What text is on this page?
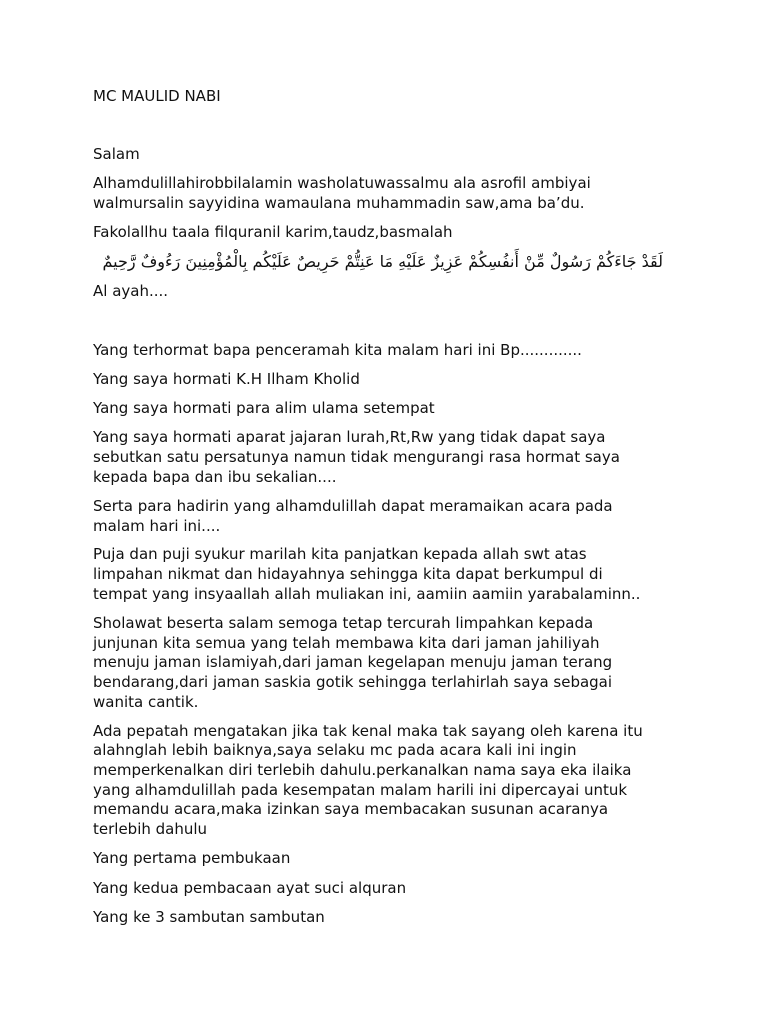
MC MAULID NABI

Salam

Alhamdulillahirobbilalamin washolatuwassalmu ala asrofil ambiyai

walmursalin sayyidina wamaulana muhammadin saw,ama ba’du.

Fakolallhu taala filquranil karim,taudz,basmalah

لَقَدْ جَاءَكُمْ رَسُولٌ مِّنْ أَنفُسِكُمْ عَزِيزٌ عَلَيْهِ مَا عَنِتُّمْ حَرِيصٌ عَلَيْكُم بِالْمُؤْمِنِينَ رَءُوفٌ رَّحِيمٌ

Al ayah....

Yang terhormat bapa penceramah kita malam hari ini Bp.............

Yang saya hormati K.H Ilham Kholid

Yang saya hormati para alim ulama setempat

Yang saya hormati aparat jajaran lurah,Rt,Rw yang tidak dapat saya

sebutkan satu persatunya namun tidak mengurangi rasa hormat saya

kepada bapa dan ibu sekalian....

Serta para hadirin yang alhamdulillah dapat meramaikan acara pada

malam hari ini....

Puja dan puji syukur marilah kita panjatkan kepada allah swt atas

limpahan nikmat dan hidayahnya sehingga kita dapat berkumpul di

tempat yang insyaallah allah muliakan ini, aamiin aamiin yarabalaminn..

Sholawat beserta salam semoga tetap tercurah limpahkan kepada

junjunan kita semua yang telah membawa kita dari jaman jahiliyah

menuju jaman islamiyah,dari jaman kegelapan menuju jaman terang

bendarang,dari jaman saskia gotik sehingga terlahirlah saya sebagai

wanita cantik.

Ada pepatah mengatakan jika tak kenal maka tak sayang oleh karena itu

alahnglah lebih baiknya,saya selaku mc pada acara kali ini ingin

memperkenalkan diri terlebih dahulu.perkanalkan nama saya eka ilaika

yang alhamdulillah pada kesempatan malam harili ini dipercayai untuk

memandu acara,maka izinkan saya membacakan susunan acaranya

terlebih dahulu

Yang pertama pembukaan

Yang kedua pembacaan ayat suci alquran

Yang ke 3 sambutan sambutan
